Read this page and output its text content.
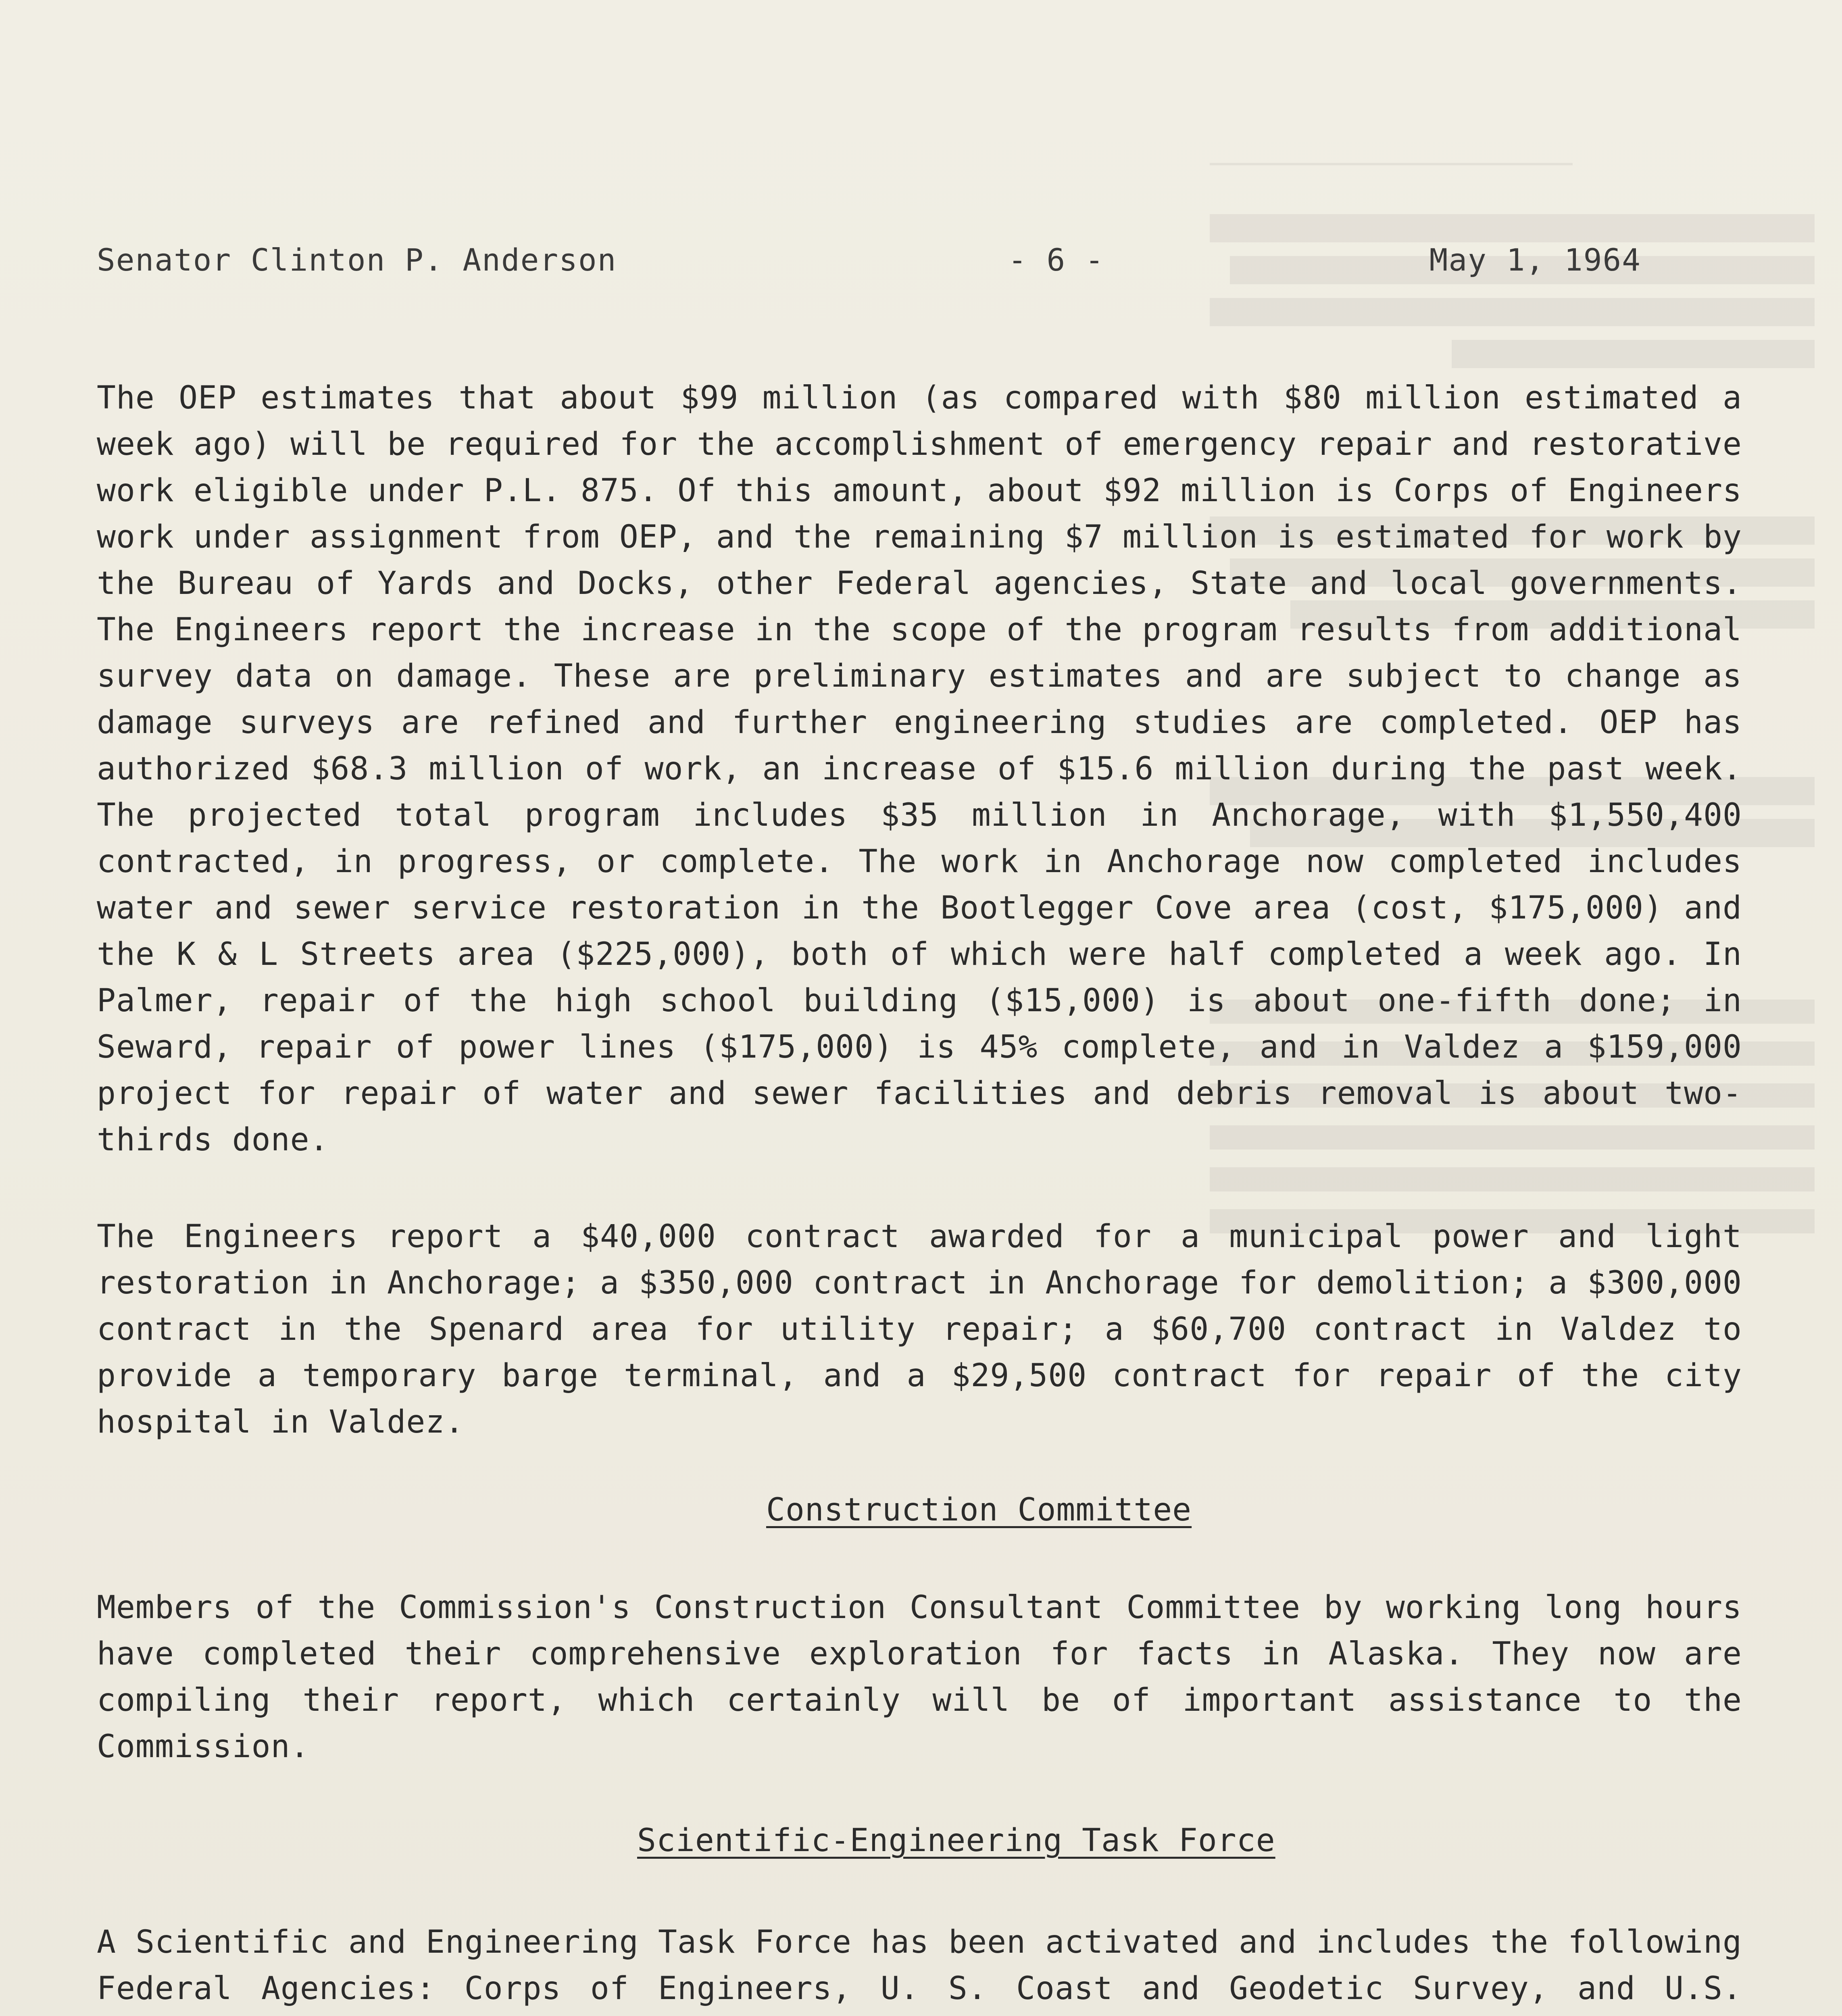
Senator Clinton P. Anderson	- 6 -	May 1, 1964

The OEP estimates that about $99 million (as compared with $80 million estimated a week ago) will be required for the accomplishment of emergency repair and restorative work eligible under P.L. 875. Of this amount, about $92 million is Corps of Engineers work under assignment from OEP, and the remaining $7 million is estimated for work by the Bureau of Yards and Docks, other Federal agencies, State and local governments. The Engineers report the increase in the scope of the program results from additional survey data on damage. These are preliminary estimates and are subject to change as damage surveys are refined and further engineering studies are completed. OEP has authorized $68.3 million of work, an increase of $15.6 million during the past week. The projected total program includes $35 million in Anchorage, with $1,550,400 contracted, in progress, or complete. The work in Anchorage now completed includes water and sewer service restoration in the Bootlegger Cove area (cost, $175,000) and the K & L Streets area ($225,000), both of which were half completed a week ago. In Palmer, repair of the high school building ($15,000) is about one-fifth done; in Seward, repair of power lines ($175,000) is 45% complete, and in Valdez a $159,000 project for repair of water and sewer facilities and debris removal is about two-thirds done.

The Engineers report a $40,000 contract awarded for a municipal power and light restoration in Anchorage; a $350,000 contract in Anchorage for demolition; a $300,000 contract in the Spenard area for utility repair; a $60,700 contract in Valdez to provide a temporary barge terminal, and a $29,500 contract for repair of the city hospital in Valdez.

Construction Committee

Members of the Commission's Construction Consultant Committee by working long hours have completed their comprehensive exploration for facts in Alaska. They now are compiling their report, which certainly will be of important assistance to the Commission.

Scientific-Engineering Task Force

A Scientific and Engineering Task Force has been activated and includes the following Federal Agencies: Corps of Engineers, U. S. Coast and Geodetic Survey, and U.S.
